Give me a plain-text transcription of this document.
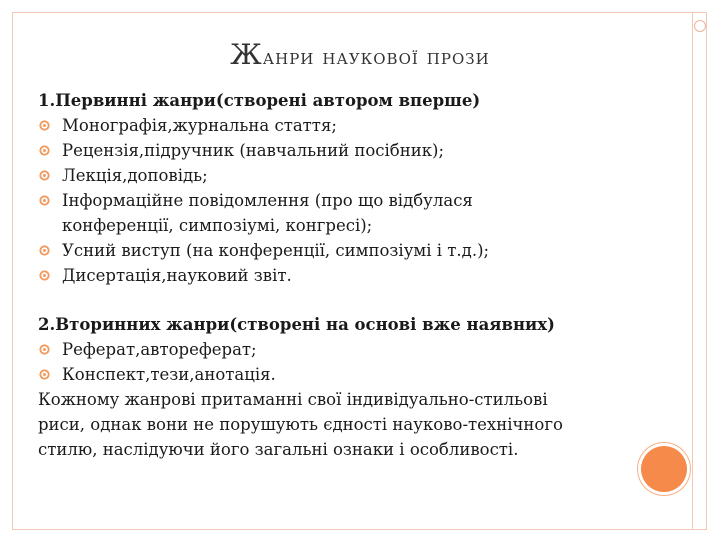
Жанри наукової прози
1.Первинні жанри(створені автором вперше)
Монографія,журнальна стаття;
Рецензія,підручник (навчальний посібник);
Лекція,доповідь;
Інформаційне повідомлення (про що відбулася
конференції, симпозіумі, конгресі);
Усний виступ (на конференції, симпозіумі і т.д.);
Дисертація,науковий звіт.
2.Вторинних жанри(створені на основі вже наявних)
Реферат,автореферат;
Конспект,тези,анотація.
Кожному жанрові притаманні свої індивідуально-стильові
риси, однак вони не порушують єдності науково-технічного
стилю, наслідуючи його загальні ознаки і особливості.
